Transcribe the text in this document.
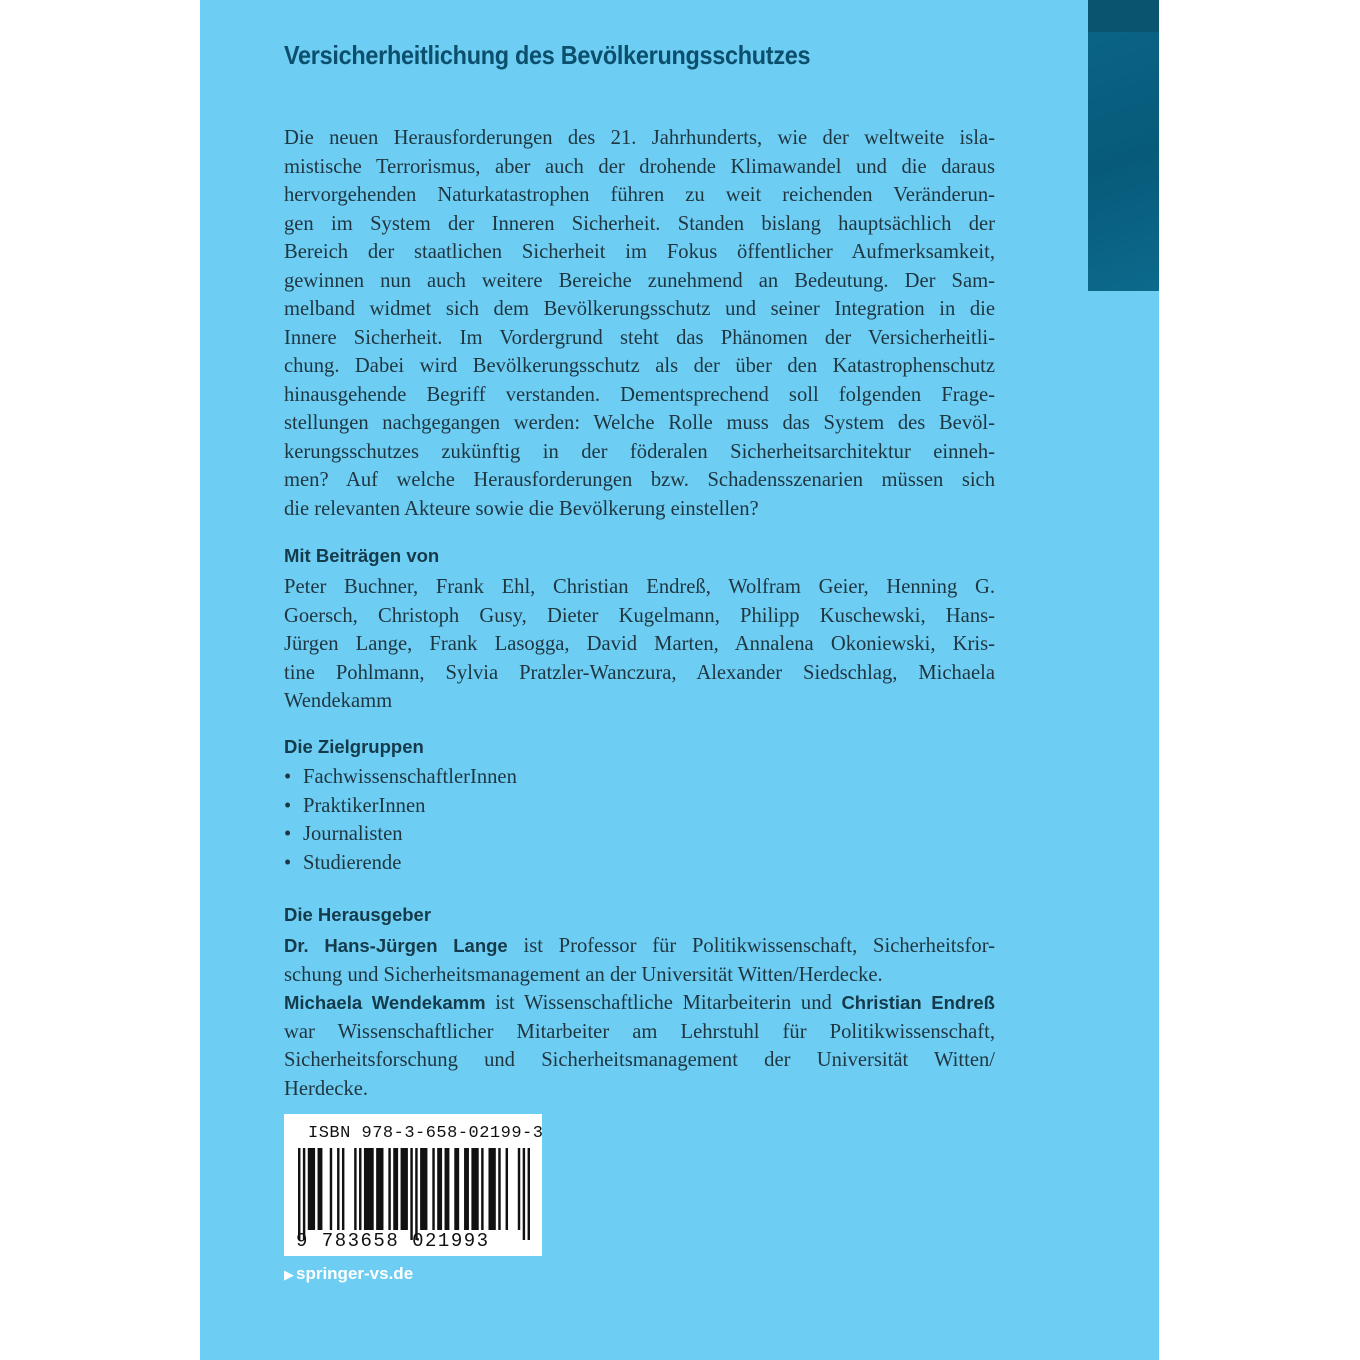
Versicherheitlichung des Bevölkerungsschutzes

Die neuen Herausforderungen des 21. Jahrhunderts, wie der weltweite isla-

mistische Terrorismus, aber auch der drohende Klimawandel und die daraus

hervorgehenden Naturkatastrophen führen zu weit reichenden Veränderun-

gen im System der Inneren Sicherheit. Standen bislang hauptsächlich der

Bereich der staatlichen Sicherheit im Fokus öffentlicher Aufmerksamkeit,

gewinnen nun auch weitere Bereiche zunehmend an Bedeutung. Der Sam-

melband widmet sich dem Bevölkerungsschutz und seiner Integration in die

Innere Sicherheit. Im Vordergrund steht das Phänomen der Versicherheitli-

chung. Dabei wird Bevölkerungsschutz als der über den Katastrophenschutz

hinausgehende Begriff verstanden. Dementsprechend soll folgenden Frage-

stellungen nachgegangen werden: Welche Rolle muss das System des Bevöl-

kerungsschutzes zukünftig in der föderalen Sicherheitsarchitektur einneh-

men? Auf welche Herausforderungen bzw. Schadensszenarien müssen sich

die relevanten Akteure sowie die Bevölkerung einstellen?

Mit Beiträgen von

Peter Buchner, Frank Ehl, Christian Endreß, Wolfram Geier, Henning G.

Goersch, Christoph Gusy, Dieter Kugelmann, Philipp Kuschewski, Hans-

Jürgen Lange, Frank Lasogga, David Marten, Annalena Okoniewski, Kris-

tine Pohlmann, Sylvia Pratzler-Wanczura, Alexander Siedschlag, Michaela

Wendekamm

Die Zielgruppen
• FachwissenschaftlerInnen
• PraktikerInnen
• Journalisten
• Studierende
Die Herausgeber

Dr. Hans-Jürgen Lange ist Professor für Politikwissenschaft, Sicherheitsfor-

schung und Sicherheitsmanagement an der Universität Witten/Herdecke.

Michaela Wendekamm ist Wissenschaftliche Mitarbeiterin und Christian Endreß

war Wissenschaftlicher Mitarbeiter am Lehrstuhl für Politikwissenschaft,

Sicherheitsforschung und Sicherheitsmanagement der Universität Witten/

Herdecke.

ISBN 978-3-658-02199-3

9 783658 021993

▶ springer-vs.de
